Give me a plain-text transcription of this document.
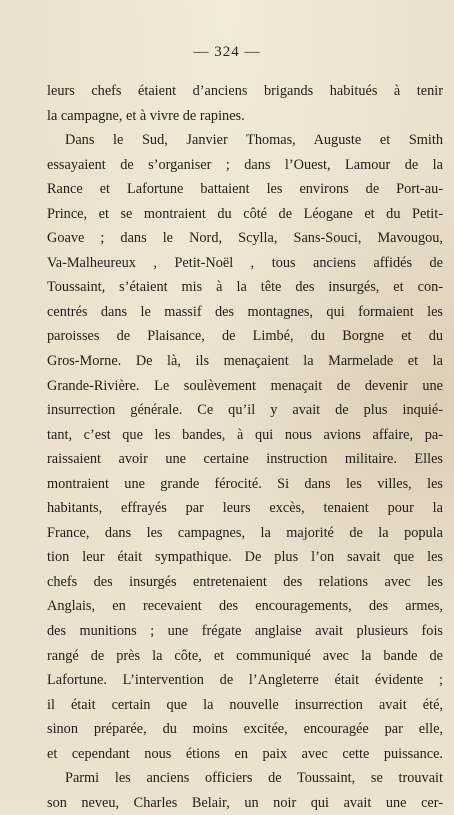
— 324 —
leurs chefs étaient d’anciens brigands habitués à tenir
la campagne, et à vivre de rapines.
Dans le Sud, Janvier Thomas, Auguste et Smith
essayaient de s’organiser ; dans l’Ouest, Lamour de la
Rance et Lafortune battaient les environs de Port-au-
Prince, et se montraient du côté de Léogane et du Petit-
Goave ; dans le Nord, Scylla, Sans-Souci, Mavougou,
Va-Malheureux , Petit-Noël , tous anciens affidés de
Toussaint, s’étaient mis à la tête des insurgés, et con-
centrés dans le massif des montagnes, qui formaient les
paroisses de Plaisance, de Limbé, du Borgne et du
Gros-Morne. De là, ils menaçaient la Marmelade et la
Grande-Rivière. Le soulèvement menaçait de devenir une
insurrection générale. Ce qu’il y avait de plus inquié-
tant, c’est que les bandes, à qui nous avions affaire, pa-
raissaient avoir une certaine instruction militaire. Elles
montraient une grande férocité. Si dans les villes, les
habitants, effrayés par leurs excès, tenaient pour la
France, dans les campagnes, la majorité de la popula
tion leur était sympathique. De plus l’on savait que les
chefs des insurgés entretenaient des relations avec les
Anglais, en recevaient des encouragements, des armes,
des munitions ; une frégate anglaise avait plusieurs fois
rangé de près la côte, et communiqué avec la bande de
Lafortune. L’intervention de l’Angleterre était évidente ;
il était certain que la nouvelle insurrection avait été,
sinon préparée, du moins excitée, encouragée par elle,
et cependant nous étions en paix avec cette puissance.
Parmi les anciens officiers de Toussaint, se trouvait
son neveu, Charles Belair, un noir qui avait une cer-
